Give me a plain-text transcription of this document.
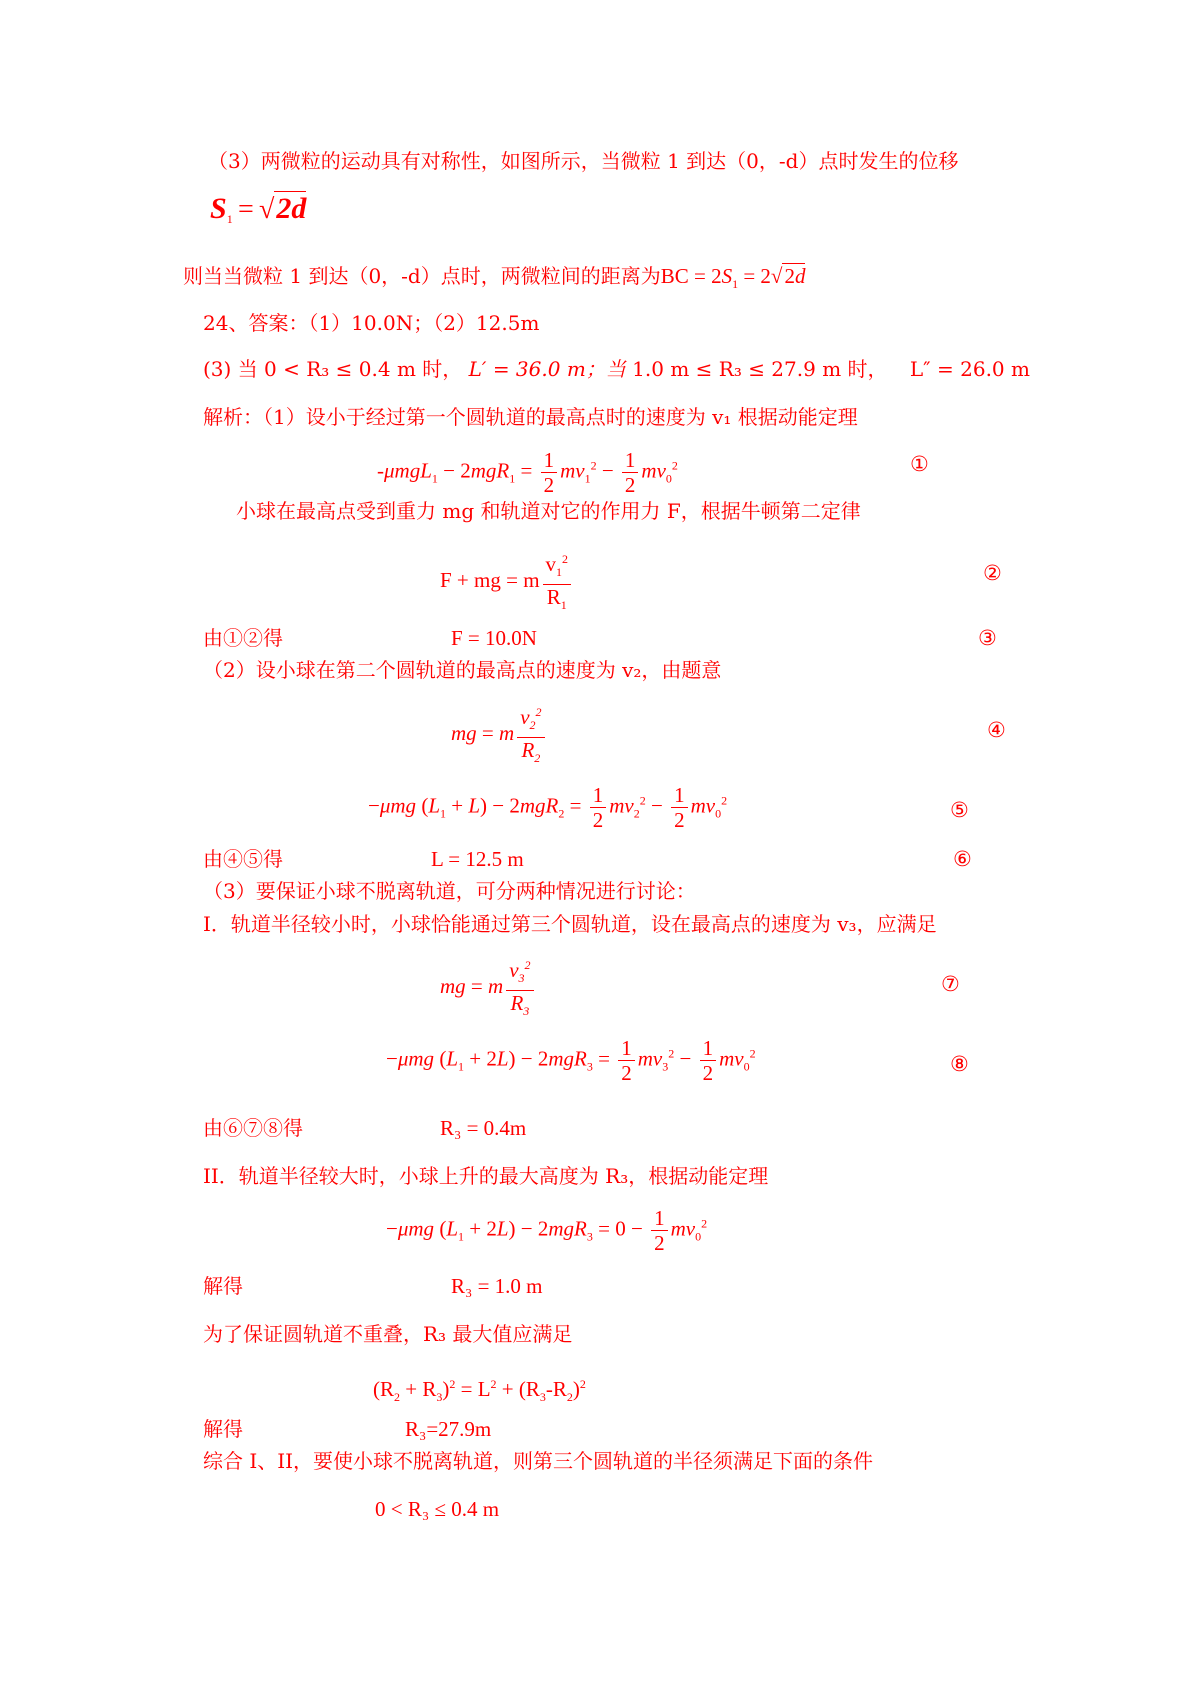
（3）两微粒的运动具有对称性，如图所示，当微粒 1 到达（0，-d）点时发生的位移
$S_1 = √2d$
则当当微粒 1 到达（0，-d）点时，两微粒间的距离为BC = $2S_1 = 2√2d$
24、答案：（1）10.0N；（2）12.5m
(3) 当 0 < R₃ ≤ 0.4 m 时， L′ = 36.0 m；当 1.0 m ≤ R₃ ≤ 27.9 m 时， L″ = 26.0 m
解析：（1）设小于经过第一个圆轨道的最高点时的速度为 v₁ 根据动能定理
$-\mu mgL_1 - 2mgR_1 = \frac{1}{2} mv_1^2 - \frac{1}{2} mv_0^2$	①
小球在最高点受到重力 mg 和轨道对它的作用力 F，根据牛顿第二定律
F + mg = m $\frac{v_1^2}{R_1}$	②
由①②得	F = 10.0N	③
（2）设小球在第二个圆轨道的最高点的速度为 v₂，由题意
mg = m $\frac{v_2^2}{R_2}$	④
−μmg $(L_1 + L) - 2mgR_2 = \frac{1}{2} mv_2^2 - \frac{1}{2} mv_0^2$	⑤
由④⑤得	L = 12.5 m	⑥
（3）要保证小球不脱离轨道，可分两种情况进行讨论：
I．轨道半径较小时，小球恰能通过第三个圆轨道，设在最高点的速度为 v₃，应满足
mg = m $\frac{v_3^2}{R_3}$	⑦
−μmg $(L_1 + 2L) - 2mgR_3 = \frac{1}{2} mv_3^2 - \frac{1}{2} mv_0^2$	⑧
由⑥⑦⑧得	R₃ = 0.4m
II．轨道半径较大时，小球上升的最大高度为 R₃，根据动能定理
−μmg $(L_1 + 2L) - 2mgR_3 = 0 - \frac{1}{2} mv_0^2$
解得	R₃ = 1.0 m
为了保证圆轨道不重叠，R₃ 最大值应满足
$(R_2 + R_3)^2 = L^2 + (R_3-R_2)^2$
解得	R₃=27.9m
综合 I、II，要使小球不脱离轨道，则第三个圆轨道的半径须满足下面的条件
0 < R₃ ≤ 0.4 m
